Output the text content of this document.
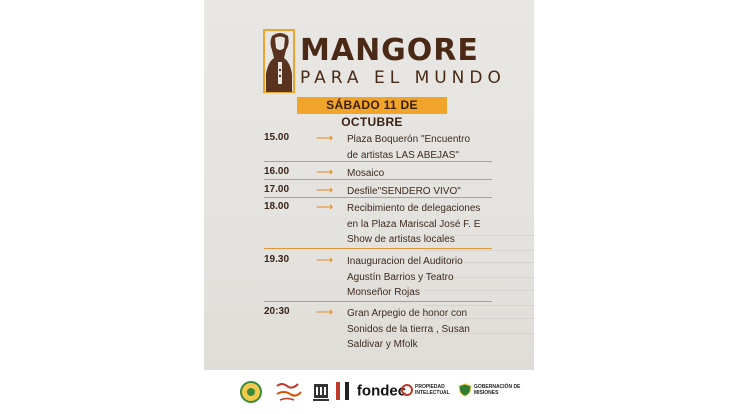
MANGORE
PARA EL MUNDO
SÁBADO 11 DE OCTUBRE
15.00	⟶	Plaza Boquerón "Encuentro
de artistas LAS ABEJAS"
16.00	⟶	Mosaico
17.00	⟶	Desfile"SENDERO VIVO"
18.00	⟶	Recibimiento de delegaciones
en la Plaza Mariscal José F. E
Show de artistas locales
19.30	⟶	Inauguracion del Auditorio
Agustín Barrios y Teatro
Monseñor Rojas
20:30	⟶	Gran Arpegio de honor con
Sonidos de la tierra , Susan
Saldivar y Mfolk
fondec PROPIEDAD
INTELECTUAL
GOBERNACIÓN DE
MISIONES
